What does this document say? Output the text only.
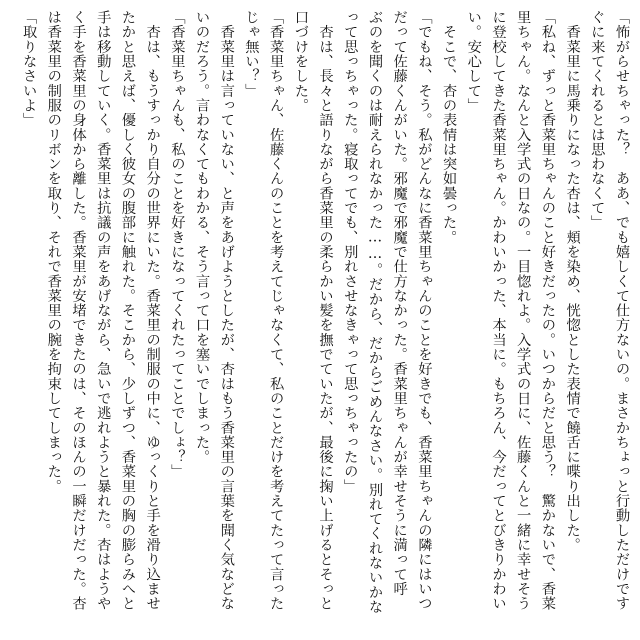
「怖がらせちゃった？　ああ、でも嬉しくて仕方ないの。まさかちょっと行動しただけです
ぐに来てくれるとは思わなくて」
　香菜里に馬乗りになった杏は、頬を染め、恍惚とした表情で饒舌に喋り出した。
「私ね、ずっと香菜里ちゃんのこと好きだったの。いつからだと思う？　驚かないで、香菜
里ちゃん。なんと入学式の日なの。一目惚れよ。入学式の日に、佐藤くんと一緒に幸せそう
に登校してきた香菜里ちゃん。かわいかった、本当に。もちろん、今だってとびきりかわい
い。安心して」
　そこで、杏の表情は突如曇った。
「でもね、そう。私がどんなに香菜里ちゃんのことを好きでも、香菜里ちゃんの隣にはいつ
だって佐藤くんがいた。邪魔で邪魔で仕方なかった。香菜里ちゃんが幸せそうに満って呼
ぶのを聞くのは耐えられなかった……。だから、だからごめんなさい。別れてくれないかな
って思っちゃった。寝取ってでも、別れさせなきゃって思っちゃったの」
　杏は、長々と語りながら香菜里の柔らかい髪を撫でていたが、最後に掬い上げるとそっと
口づけをした。
「香菜里ちゃん、佐藤くんのことを考えてじゃなくて、私のことだけを考えてたって言った
じゃ無い？」
　香菜里は言っていない、と声をあげようとしたが、杏はもう香菜里の言葉を聞く気などな
いのだろう。言わなくてもわかる、そう言って口を塞いでしまった。
「香菜里ちゃんも、私のことを好きになってくれたってことでしょ？」
　杏は、もうすっかり自分の世界にいた。香菜里の制服の中に、ゆっくりと手を滑り込ませ
たかと思えば、優しく彼女の腹部に触れた。そこから、少しずつ、香菜里の胸の膨らみへと
手は移動していく。香菜里は抗議の声をあげながら、急いで逃れようと暴れた。杏はようや
く手を香菜里の身体から離した。香菜里が安堵できたのは、そのほんの一瞬だけだった。杏
は香菜里の制服のリボンを取り、それで香菜里の腕を拘束してしまった。
「取りなさいよ」
